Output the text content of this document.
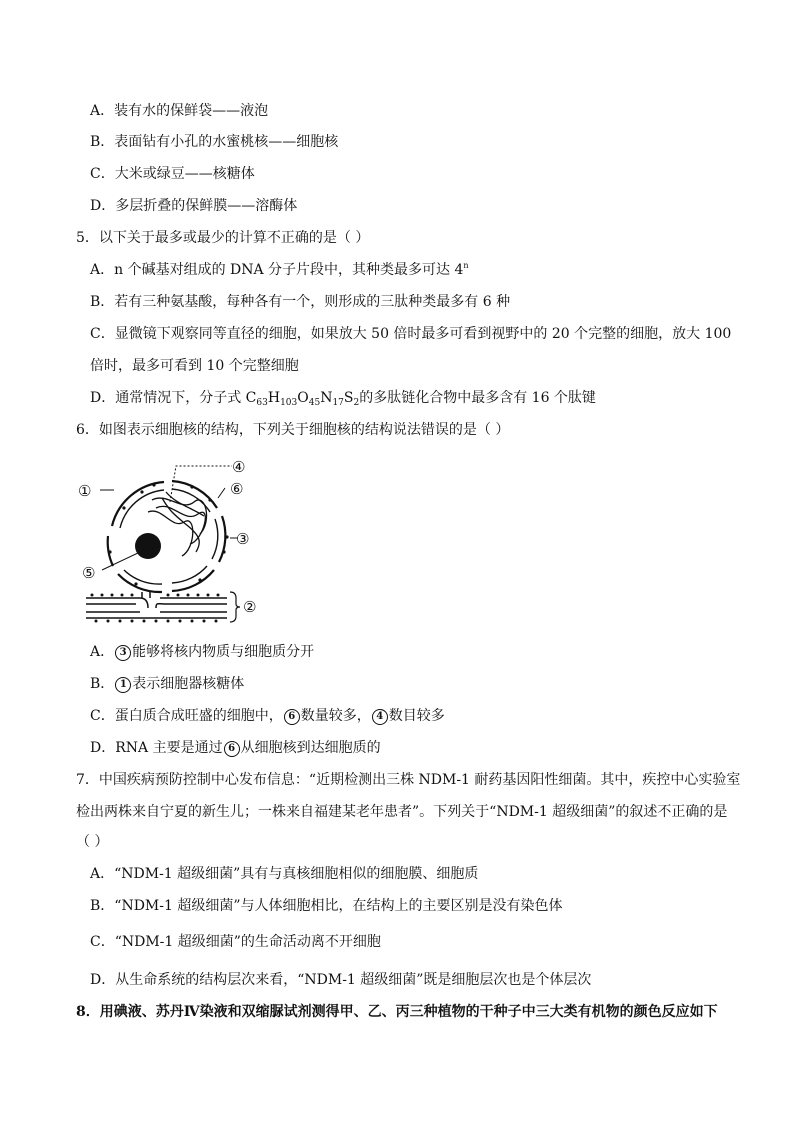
A．装有水的保鲜袋——液泡
B．表面钻有小孔的水蜜桃核——细胞核
C．大米或绿豆——核糖体
D．多层折叠的保鲜膜——溶酶体
5．以下关于最多或最少的计算不正确的是（ ）
A．n 个碱基对组成的 DNA 分子片段中，其种类最多可达 4$^n$
B．若有三种氨基酸，每种各有一个，则形成的三肽种类最多有 6 种
C．显微镜下观察同等直径的细胞，如果放大 50 倍时最多可看到视野中的 20 个完整的细胞，放大 100
倍时，最多可看到 10 个完整细胞
D．通常情况下，分子式 $C_{63}H_{103}O_{45}N_{17}S_2$的多肽链化合物中最多含有 16 个肽键
6．如图表示细胞核的结构，下列关于细胞核的结构说法错误的是（ ）
①
②
③
④
⑤
⑥
A． 3 能够将核内物质与细胞质分开
B． 1 表示细胞器核糖体
C．蛋白质合成旺盛的细胞中， 6 数量较多， 4 数目较多
D．RNA 主要是通过 6 从细胞核到达细胞质的
7．中国疾病预防控制中心发布信息：“近期检测出三株 NDM-1 耐药基因阳性细菌。其中，疾控中心实验室
检出两株来自宁夏的新生儿；一株来自福建某老年患者”。下列关于“NDM-1 超级细菌”的叙述不正确的是
（ ）
A．“NDM-1 超级细菌”具有与真核细胞相似的细胞膜、细胞质
B．“NDM-1 超级细菌”与人体细胞相比，在结构上的主要区别是没有染色体
C．“NDM-1 超级细菌”的生命活动离不开细胞
D．从生命系统的结构层次来看，“NDM-1 超级细菌”既是细胞层次也是个体层次
8．用碘液、苏丹Ⅳ染液和双缩脲试剂测得甲、乙、丙三种植物的干种子中三大类有机物的颜色反应如下
